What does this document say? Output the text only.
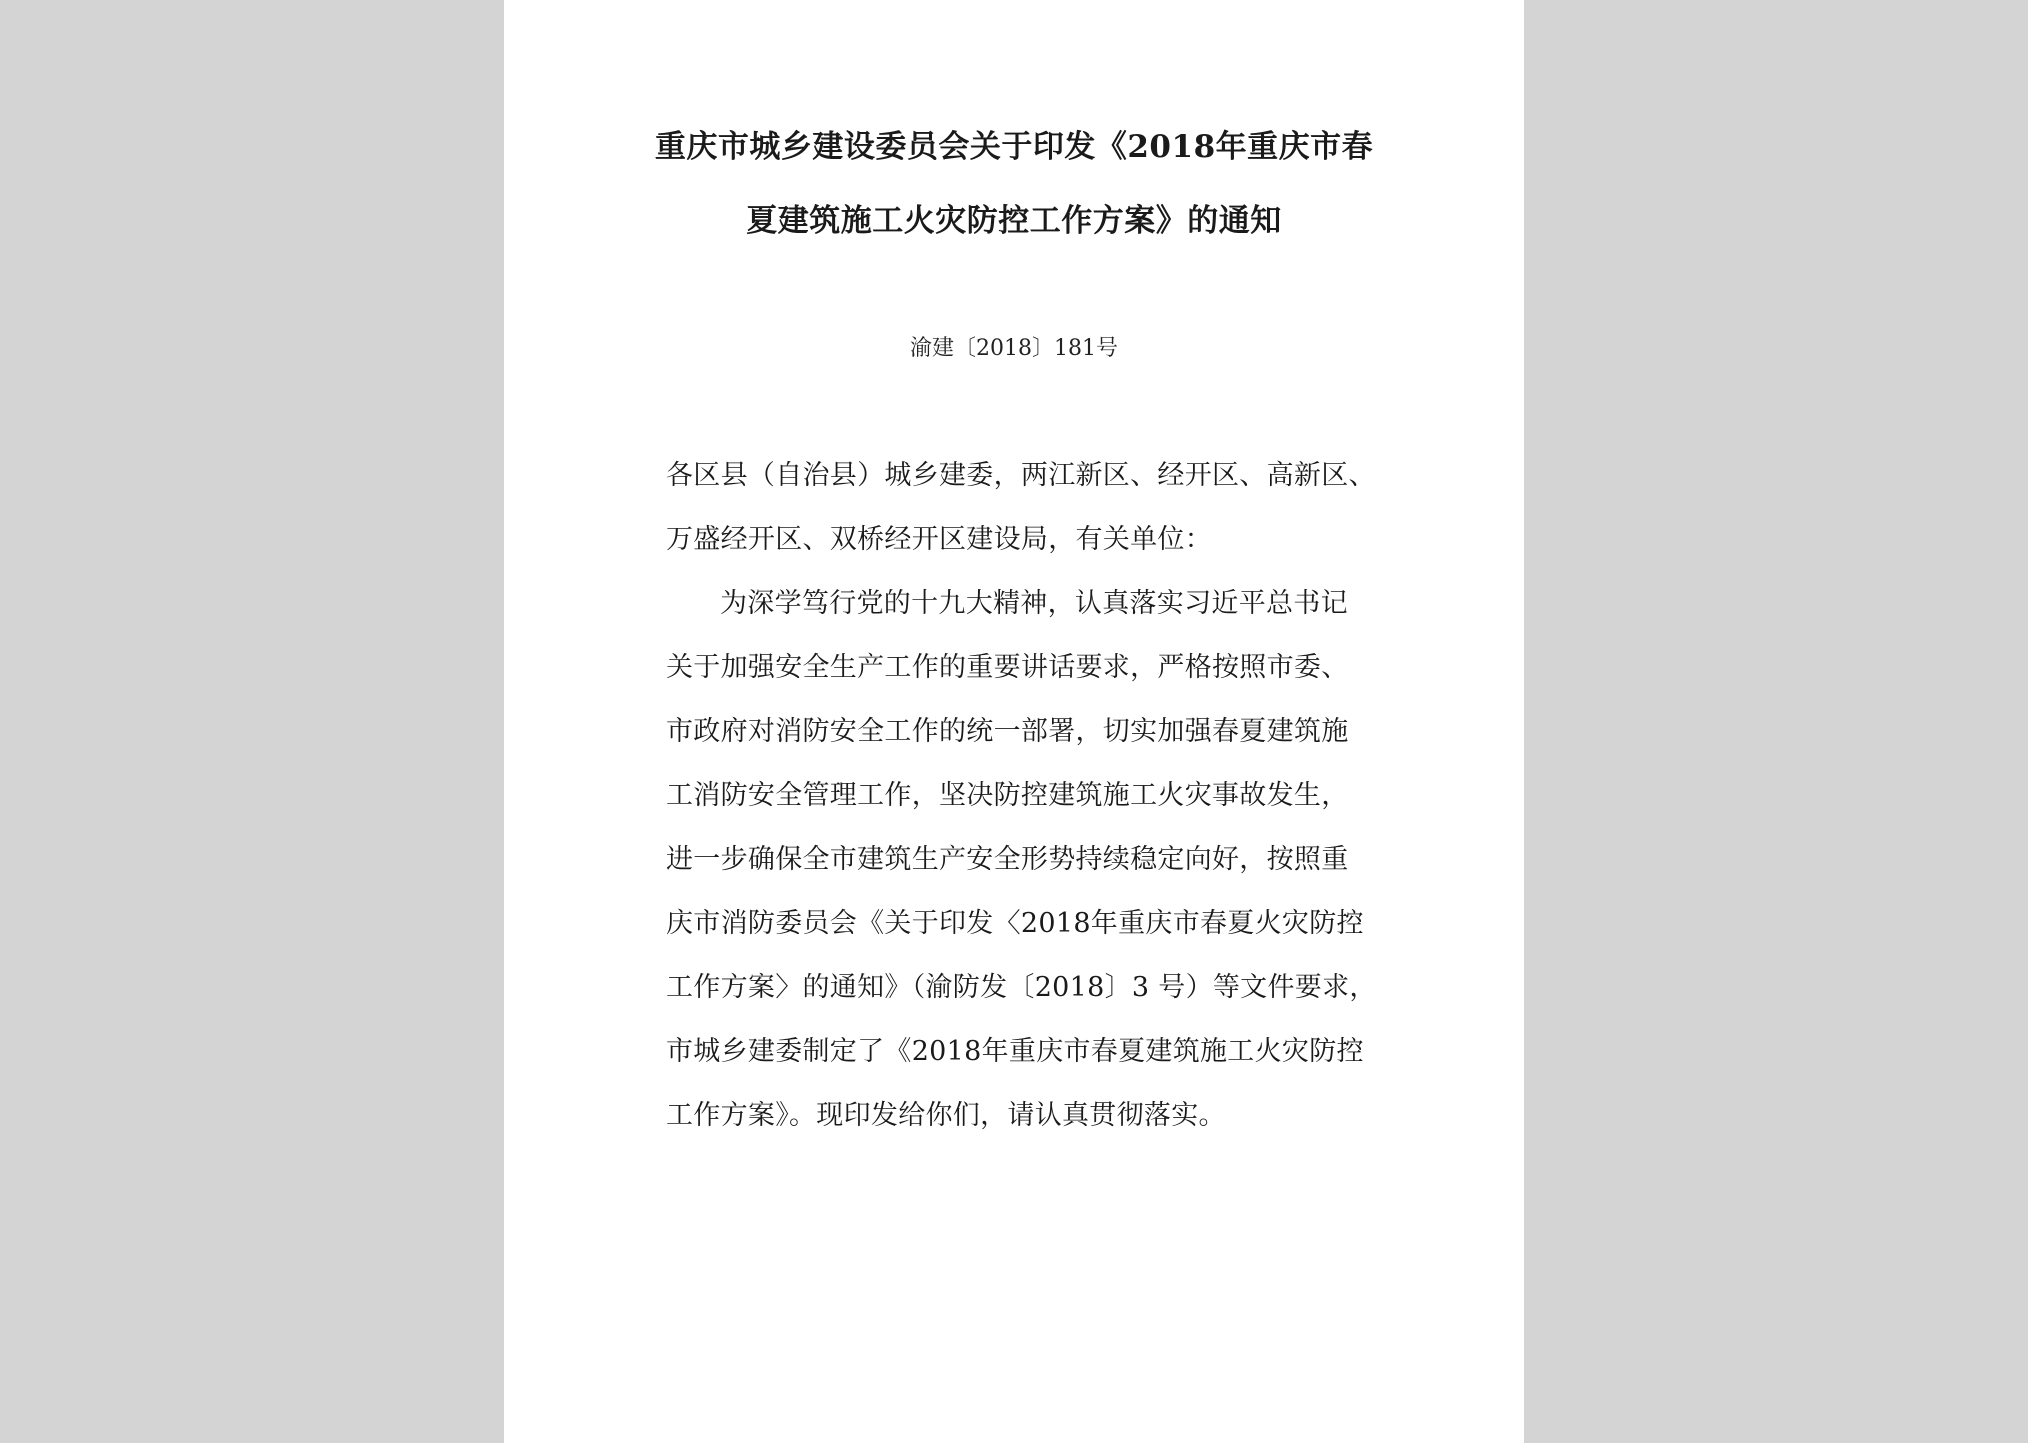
重庆市城乡建设委员会关于印发《2018年重庆市春
夏建筑施工火灾防控工作方案》的通知
渝建〔2018〕181号
各区县（自治县）城乡建委，两江新区、经开区、高新区、
万盛经开区、双桥经开区建设局，有关单位：
为深学笃行党的十九大精神，认真落实习近平总书记
关于加强安全生产工作的重要讲话要求，严格按照市委、
市政府对消防安全工作的统一部署，切实加强春夏建筑施
工消防安全管理工作，坚决防控建筑施工火灾事故发生，
进一步确保全市建筑生产安全形势持续稳定向好，按照重
庆市消防委员会《关于印发〈2018年重庆市春夏火灾防控
工作方案〉的通知》（渝防发〔2018〕3 号）等文件要求，
市城乡建委制定了《2018年重庆市春夏建筑施工火灾防控
工作方案》。现印发给你们，请认真贯彻落实。
